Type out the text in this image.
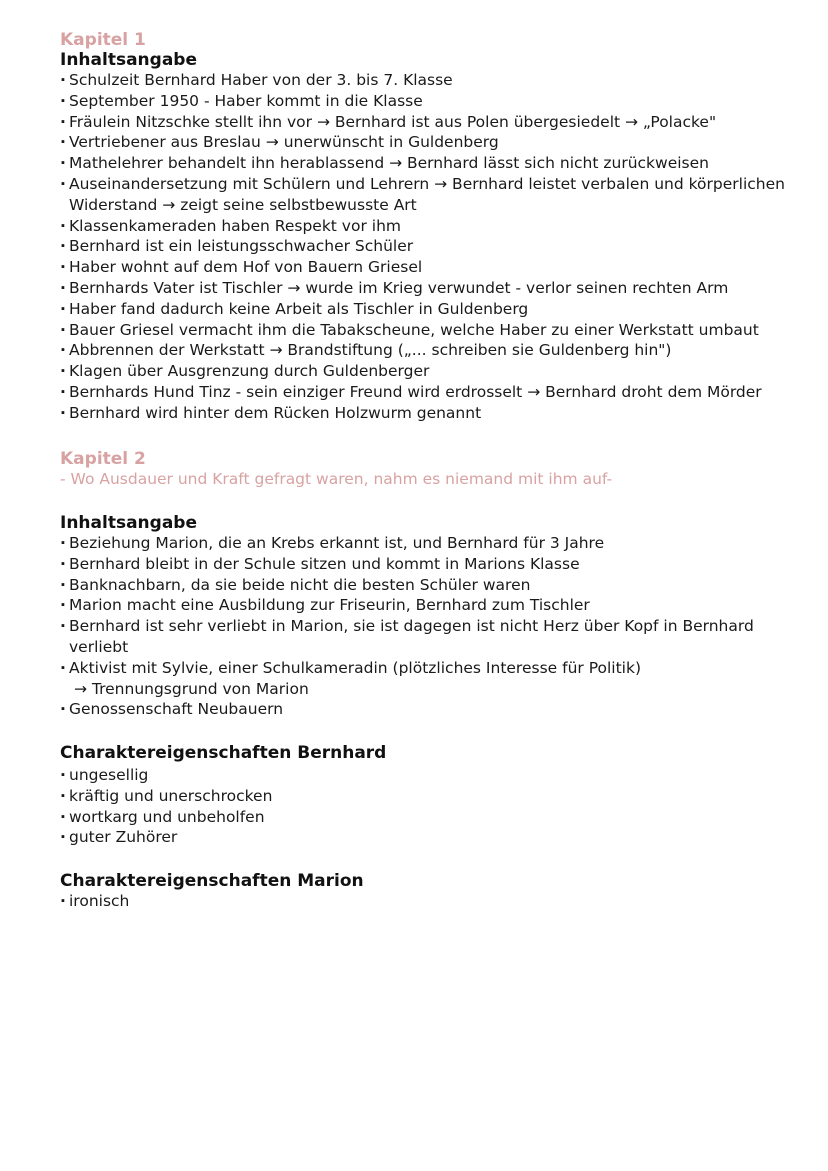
Kapitel 1
Inhaltsangabe
· Schulzeit Bernhard Haber von der 3. bis 7. Klasse
· September 1950 - Haber kommt in die Klasse
· Fräulein Nitzschke stellt ihn vor → Bernhard ist aus Polen übergesiedelt → „Polacke"
· Vertriebener aus Breslau → unerwünscht in Guldenberg
· Mathelehrer behandelt ihn herablassend → Bernhard lässt sich nicht zurückweisen
· Auseinandersetzung mit Schülern und Lehrern → Bernhard leistet verbalen und körperlichen Widerstand → zeigt seine selbstbewusste Art
· Klassenkameraden haben Respekt vor ihm
· Bernhard ist ein leistungsschwacher Schüler
· Haber wohnt auf dem Hof von Bauern Griesel
· Bernhards Vater ist Tischler → wurde im Krieg verwundet - verlor seinen rechten Arm
· Haber fand dadurch keine Arbeit als Tischler in Guldenberg
· Bauer Griesel vermacht ihm die Tabakscheune, welche Haber zu einer Werkstatt umbaut
· Abbrennen der Werkstatt → Brandstiftung („... schreiben sie Guldenberg hin")
· Klagen über Ausgrenzung durch Guldenberger
· Bernhards Hund Tinz - sein einziger Freund wird erdrosselt → Bernhard droht dem Mörder
· Bernhard wird hinter dem Rücken Holzwurm genannt
Kapitel 2
- Wo Ausdauer und Kraft gefragt waren, nahm es niemand mit ihm auf-
Inhaltsangabe
· Beziehung Marion, die an Krebs erkannt ist, und Bernhard für 3 Jahre
· Bernhard bleibt in der Schule sitzen und kommt in Marions Klasse
· Banknachbarn, da sie beide nicht die besten Schüler waren
· Marion macht eine Ausbildung zur Friseurin, Bernhard zum Tischler
· Bernhard ist sehr verliebt in Marion, sie ist dagegen ist nicht Herz über Kopf in Bernhard verliebt
· Aktivist mit Sylvie, einer Schulkameradin (plötzliches Interesse für Politik)
→ Trennungsgrund von Marion
· Genossenschaft Neubauern
Charaktereigenschaften Bernhard
· ungesellig
· kräftig und unerschrocken
· wortkarg und unbeholfen
· guter Zuhörer
Charaktereigenschaften Marion
· ironisch
